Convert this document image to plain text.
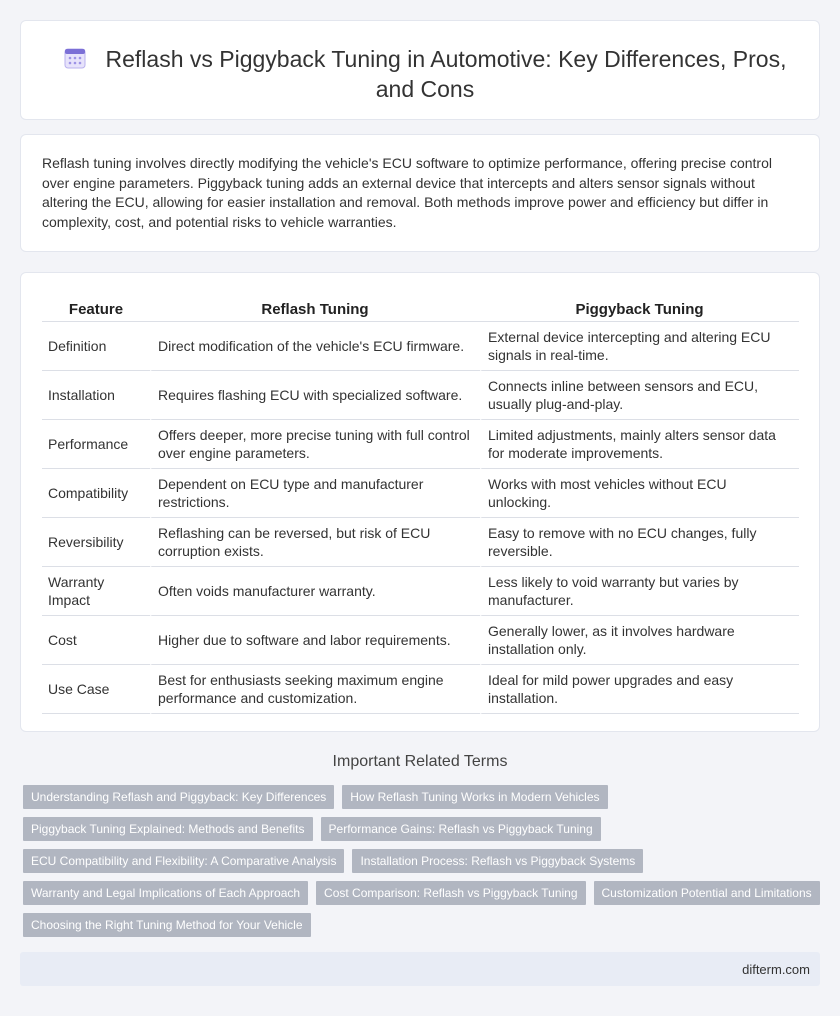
Reflash vs Piggyback Tuning in Automotive: Key Differences, Pros, and Cons

Reflash tuning involves directly modifying the vehicle's ECU software to optimize performance, offering precise control over engine parameters. Piggyback tuning adds an external device that intercepts and alters sensor signals without altering the ECU, allowing for easier installation and removal. Both methods improve power and efficiency but differ in complexity, cost, and potential risks to vehicle warranties.

Feature	Reflash Tuning	Piggyback Tuning
Definition	Direct modification of the vehicle's ECU firmware.	External device intercepting and altering ECU signals in real-time.
Installation	Requires flashing ECU with specialized software.	Connects inline between sensors and ECU, usually plug-and-play.
Performance	Offers deeper, more precise tuning with full control over engine parameters.	Limited adjustments, mainly alters sensor data for moderate improvements.
Compatibility	Dependent on ECU type and manufacturer restrictions.	Works with most vehicles without ECU unlocking.
Reversibility	Reflashing can be reversed, but risk of ECU corruption exists.	Easy to remove with no ECU changes, fully reversible.
Warranty Impact	Often voids manufacturer warranty.	Less likely to void warranty but varies by manufacturer.
Cost	Higher due to software and labor requirements.	Generally lower, as it involves hardware installation only.
Use Case	Best for enthusiasts seeking maximum engine performance and customization.	Ideal for mild power upgrades and easy installation.
Important Related Terms
Understanding Reflash and Piggyback: Key Differences	How Reflash Tuning Works in Modern Vehicles
Piggyback Tuning Explained: Methods and Benefits	Performance Gains: Reflash vs Piggyback Tuning
ECU Compatibility and Flexibility: A Comparative Analysis	Installation Process: Reflash vs Piggyback Systems
Warranty and Legal Implications of Each Approach	Cost Comparison: Reflash vs Piggyback Tuning	Customization Potential and Limitations
Choosing the Right Tuning Method for Your Vehicle
difterm.com
